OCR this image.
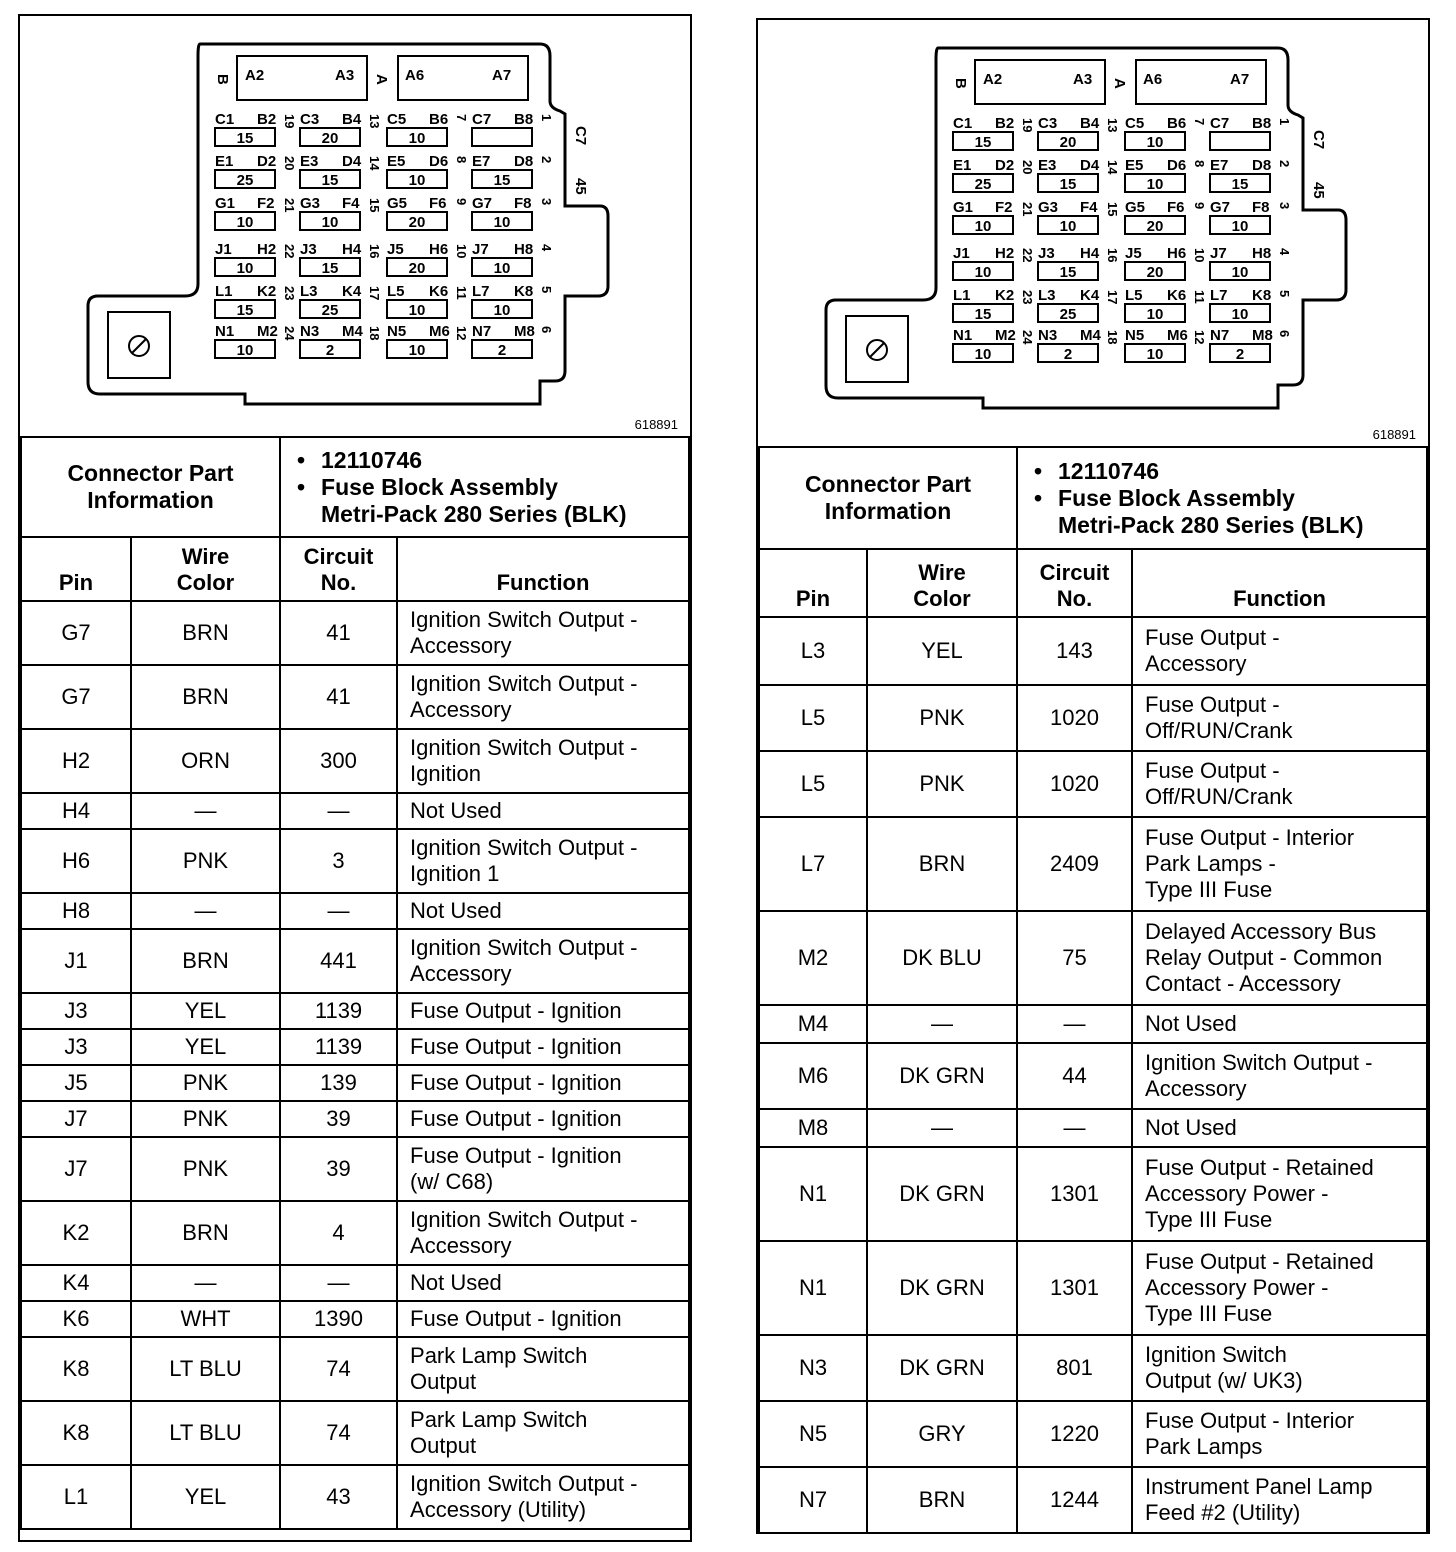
A2	A3	A6	A7
B	A
C7
45
C1 B2 19
15
C3 B4 13
20
C5 B6 7
10
C7 B8 1
E1 D2 20
25
E3 D4 14
15
E5 D6 8
10
E7 D8 2
15
G1 F2 21
10
G3 F4 15
10
G5 F6 9
20
G7 F8 3
10
J1 H2 22
10
J3 H4 16
15
J5 H6 10
20
J7 H8 4
10
L1 K2 23
15
L3 K4 17
25
L5 K6 11
10
L7 K8 5
10
N1 M2 24
10
N3 M4 18
2
N5 M6 12
10
N7 M8 6
2
618891
Connector Part
Information		• 12110746
• Fuse Block Assembly
Metri-Pack 280 Series (BLK)

Pin	Wire
Color	Circuit
No.	Function
G7	BRN	41	Ignition Switch Output -
Accessory

G7	BRN	41	Ignition Switch Output -
Accessory

H2	ORN	300	Ignition Switch Output -
Ignition

H4	—	—	Not Used

H6	PNK	3	Ignition Switch Output -
Ignition 1

H8	—	—	Not Used

J1	BRN	441	Ignition Switch Output -
Accessory

J3	YEL	1139	Fuse Output - Ignition

J3	YEL	1139	Fuse Output - Ignition

J5	PNK	139	Fuse Output - Ignition

J7	PNK	39	Fuse Output - Ignition

J7	PNK	39	Fuse Output - Ignition
(w/ C68)

K2	BRN	4	Ignition Switch Output -
Accessory

K4	—	—	Not Used

K6	WHT	1390	Fuse Output - Ignition

K8	LT BLU	74	Park Lamp Switch
Output

K8	LT BLU	74	Park Lamp Switch
Output

L1	YEL	43	Ignition Switch Output -
Accessory (Utility)
A2	A3	A6	A7
B	A
C7
45
C1 B2 19
15
C3 B4 13
20
C5 B6 7
10
C7 B8 1
E1 D2 20
25
E3 D4 14
15
E5 D6 8
10
E7 D8 2
15
G1 F2 21
10
G3 F4 15
10
G5 F6 9
20
G7 F8 3
10
J1 H2 22
10
J3 H4 16
15
J5 H6 10
20
J7 H8 4
10
L1 K2 23
15
L3 K4 17
25
L5 K6 11
10
L7 K8 5
10
N1 M2 24
10
N3 M4 18
2
N5 M6 12
10
N7 M8 6
2
618891
Connector Part
Information		• 12110746
• Fuse Block Assembly
Metri-Pack 280 Series (BLK)

Pin	Wire
Color	Circuit
No.	Function
L3	YEL	143	Fuse Output -
Accessory

L5	PNK	1020	Fuse Output -
Off/RUN/Crank

L5	PNK	1020	Fuse Output -
Off/RUN/Crank

L7	BRN	2409	Fuse Output - Interior
Park Lamps -
Type III Fuse

M2	DK BLU	75	Delayed Accessory Bus
Relay Output - Common
Contact - Accessory

M4	—	—	Not Used

M6	DK GRN	44	Ignition Switch Output -
Accessory

M8	—	—	Not Used

N1	DK GRN	1301	Fuse Output - Retained
Accessory Power -
Type III Fuse

N1	DK GRN	1301	Fuse Output - Retained
Accessory Power -
Type III Fuse

N3	DK GRN	801	Ignition Switch
Output (w/ UK3)

N5	GRY	1220	Fuse Output - Interior
Park Lamps

N7	BRN	1244	Instrument Panel Lamp
Feed #2 (Utility)
